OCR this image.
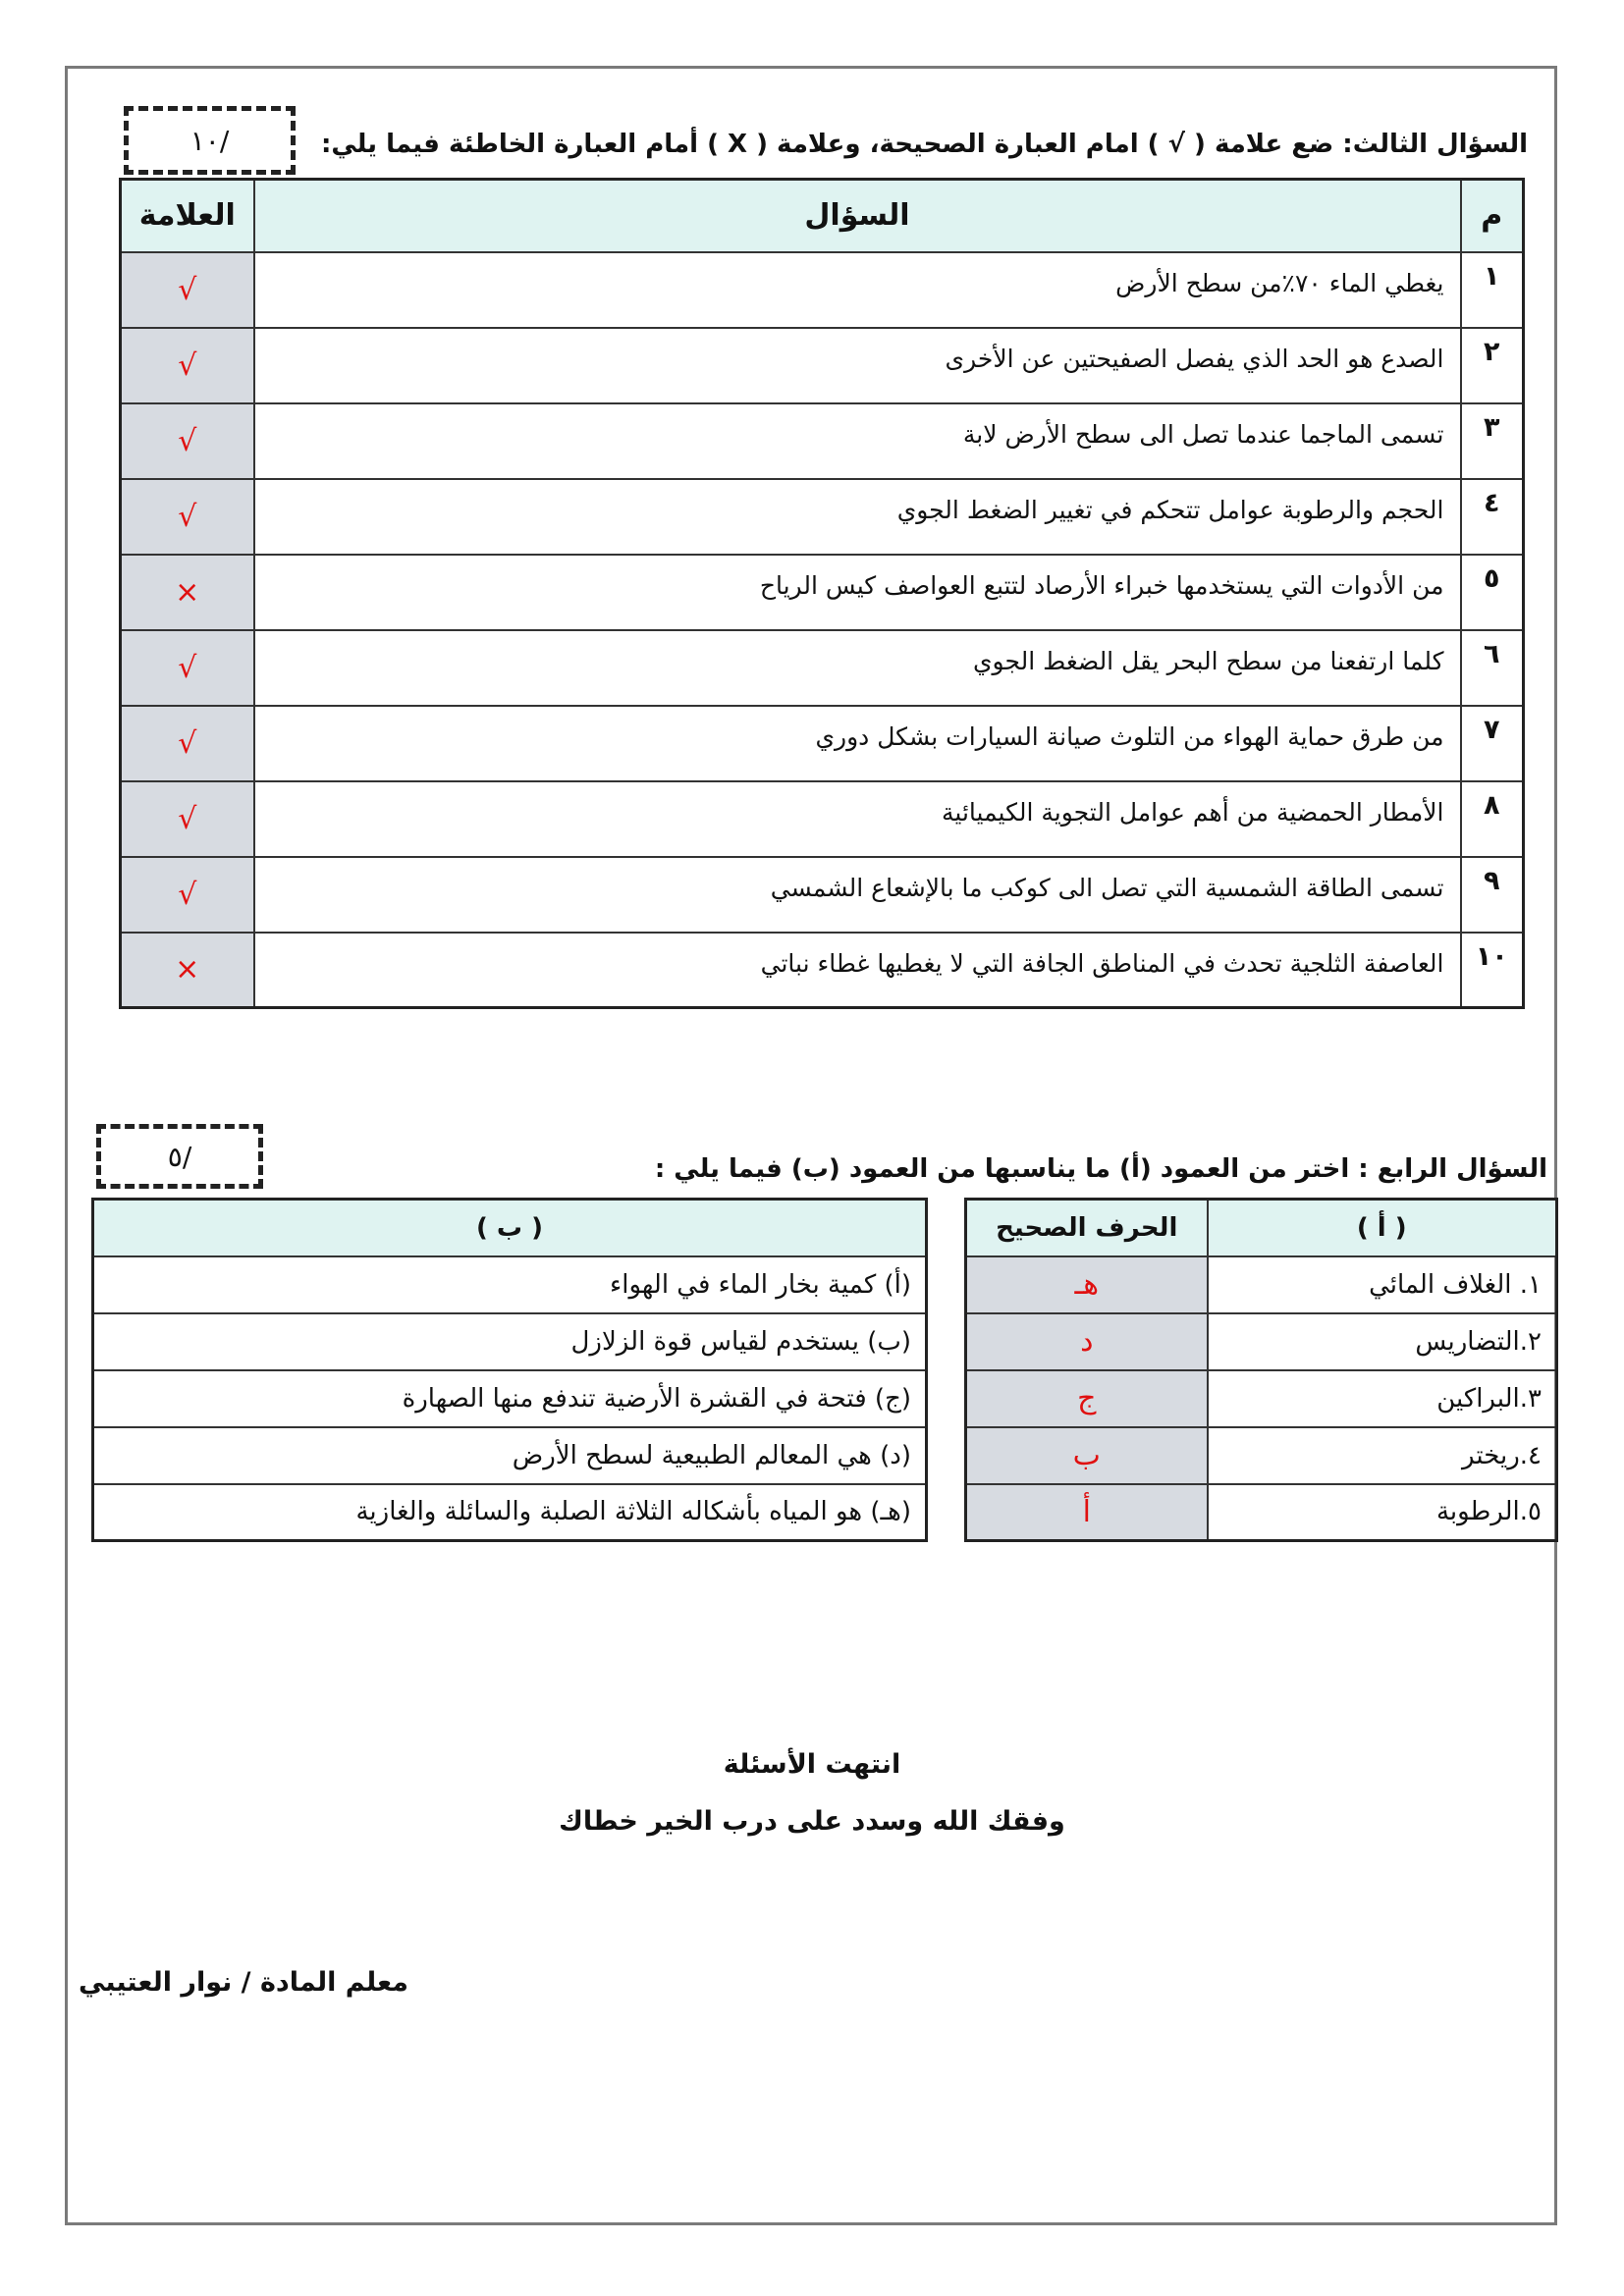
السؤال الثالث: ضع علامة ( √ ) امام العبارة الصحيحة، وعلامة ( Χ ) أمام العبارة الخاطئة فيما يلي:
/١٠
م	السؤال	العلامة
١	يغطي الماء ٧٠٪من سطح الأرض	√
٢	الصدع هو الحد الذي يفصل الصفيحتين عن الأخرى	√
٣	تسمى الماجما عندما تصل الى سطح الأرض لابة	√
٤	الحجم والرطوبة عوامل تتحكم في تغيير الضغط الجوي	√
٥	من الأدوات التي يستخدمها خبراء الأرصاد لتتبع العواصف كيس الرياح	×
٦	كلما ارتفعنا من سطح البحر يقل الضغط الجوي	√
٧	من طرق حماية الهواء من التلوث صيانة السيارات بشكل دوري	√
٨	الأمطار الحمضية من أهم عوامل التجوية الكيميائية	√
٩	تسمى الطاقة الشمسية التي تصل الى كوكب ما بالإشعاع الشمسي	√
١٠	العاصفة الثلجية تحدث في المناطق الجافة التي لا يغطيها غطاء نباتي	×
السؤال الرابع : اختر من العمود (أ) ما يناسبها من العمود (ب) فيما يلي :
/٥
( أ )	الحرف الصحيح
١. الغلاف المائي	هـ
٢.التضاريس	د
٣.البراكين	ج
٤.ريختر	ب
٥.الرطوبة	أ
( ب )
(أ) كمية بخار الماء في الهواء
(ب) يستخدم لقياس قوة الزلازل
(ج) فتحة في القشرة الأرضية تندفع منها الصهارة
(د) هي المعالم الطبيعية لسطح الأرض
(هـ) هو المياه بأشكاله الثلاثة الصلبة والسائلة والغازية
انتهت الأسئلة
وفقك الله وسدد على درب الخير خطاك
معلم المادة / نوار العتيبي
